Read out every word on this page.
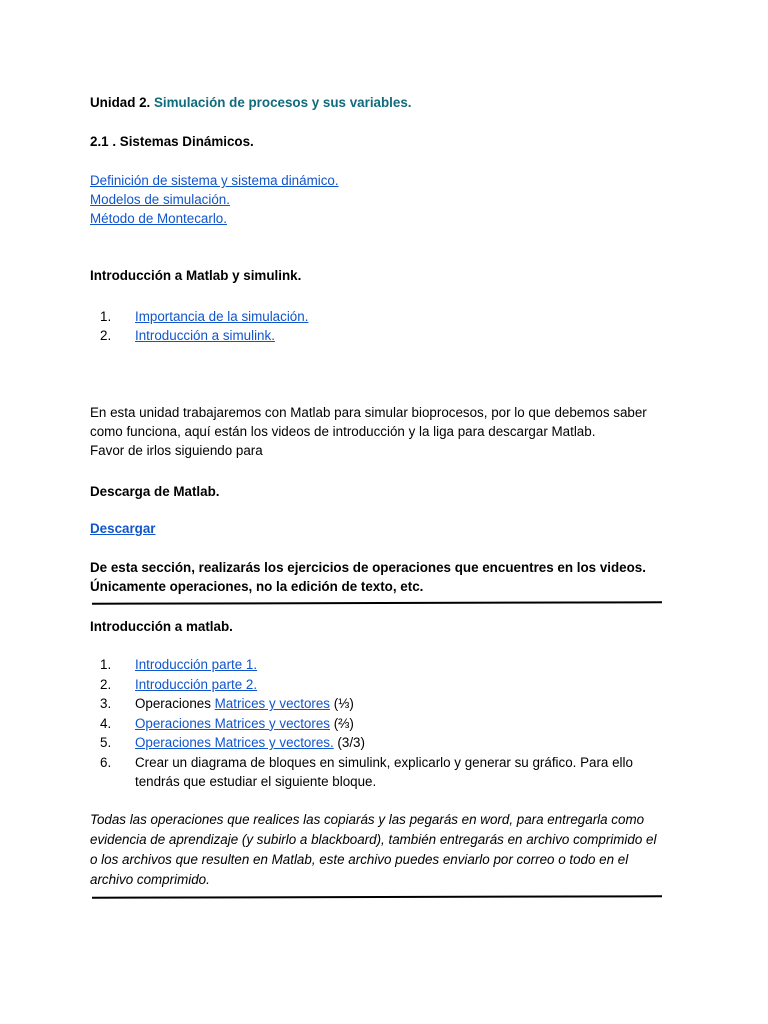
Unidad 2. Simulación de procesos y sus variables.
2.1 . Sistemas Dinámicos.
Definición de sistema y sistema dinámico.
Modelos de simulación.
Método de Montecarlo.
Introducción a Matlab y simulink.
1. Importancia de la simulación.
2. Introducción a simulink.
En esta unidad trabajaremos con Matlab para simular bioprocesos, por lo que debemos saber
como funciona, aquí están los videos de introducción y la liga para descargar Matlab.
Favor de irlos siguiendo para
Descarga de Matlab.
Descargar
De esta sección, realizarás los ejercicios de operaciones que encuentres en los videos.
Únicamente operaciones, no la edición de texto, etc.
Introducción a matlab.
1. Introducción parte 1.
2. Introducción parte 2.
3. Operaciones Matrices y vectores (⅓)
4. Operaciones Matrices y vectores (⅔)
5. Operaciones Matrices y vectores. (3/3)
6. Crear un diagrama de bloques en simulink, explicarlo y generar su gráfico. Para ello
tendrás que estudiar el siguiente bloque.
Todas las operaciones que realices las copiarás y las pegarás en word, para entregarla como
evidencia de aprendizaje (y subirlo a blackboard), también entregarás en archivo comprimido el
o los archivos que resulten en Matlab, este archivo puedes enviarlo por correo o todo en el
archivo comprimido.
